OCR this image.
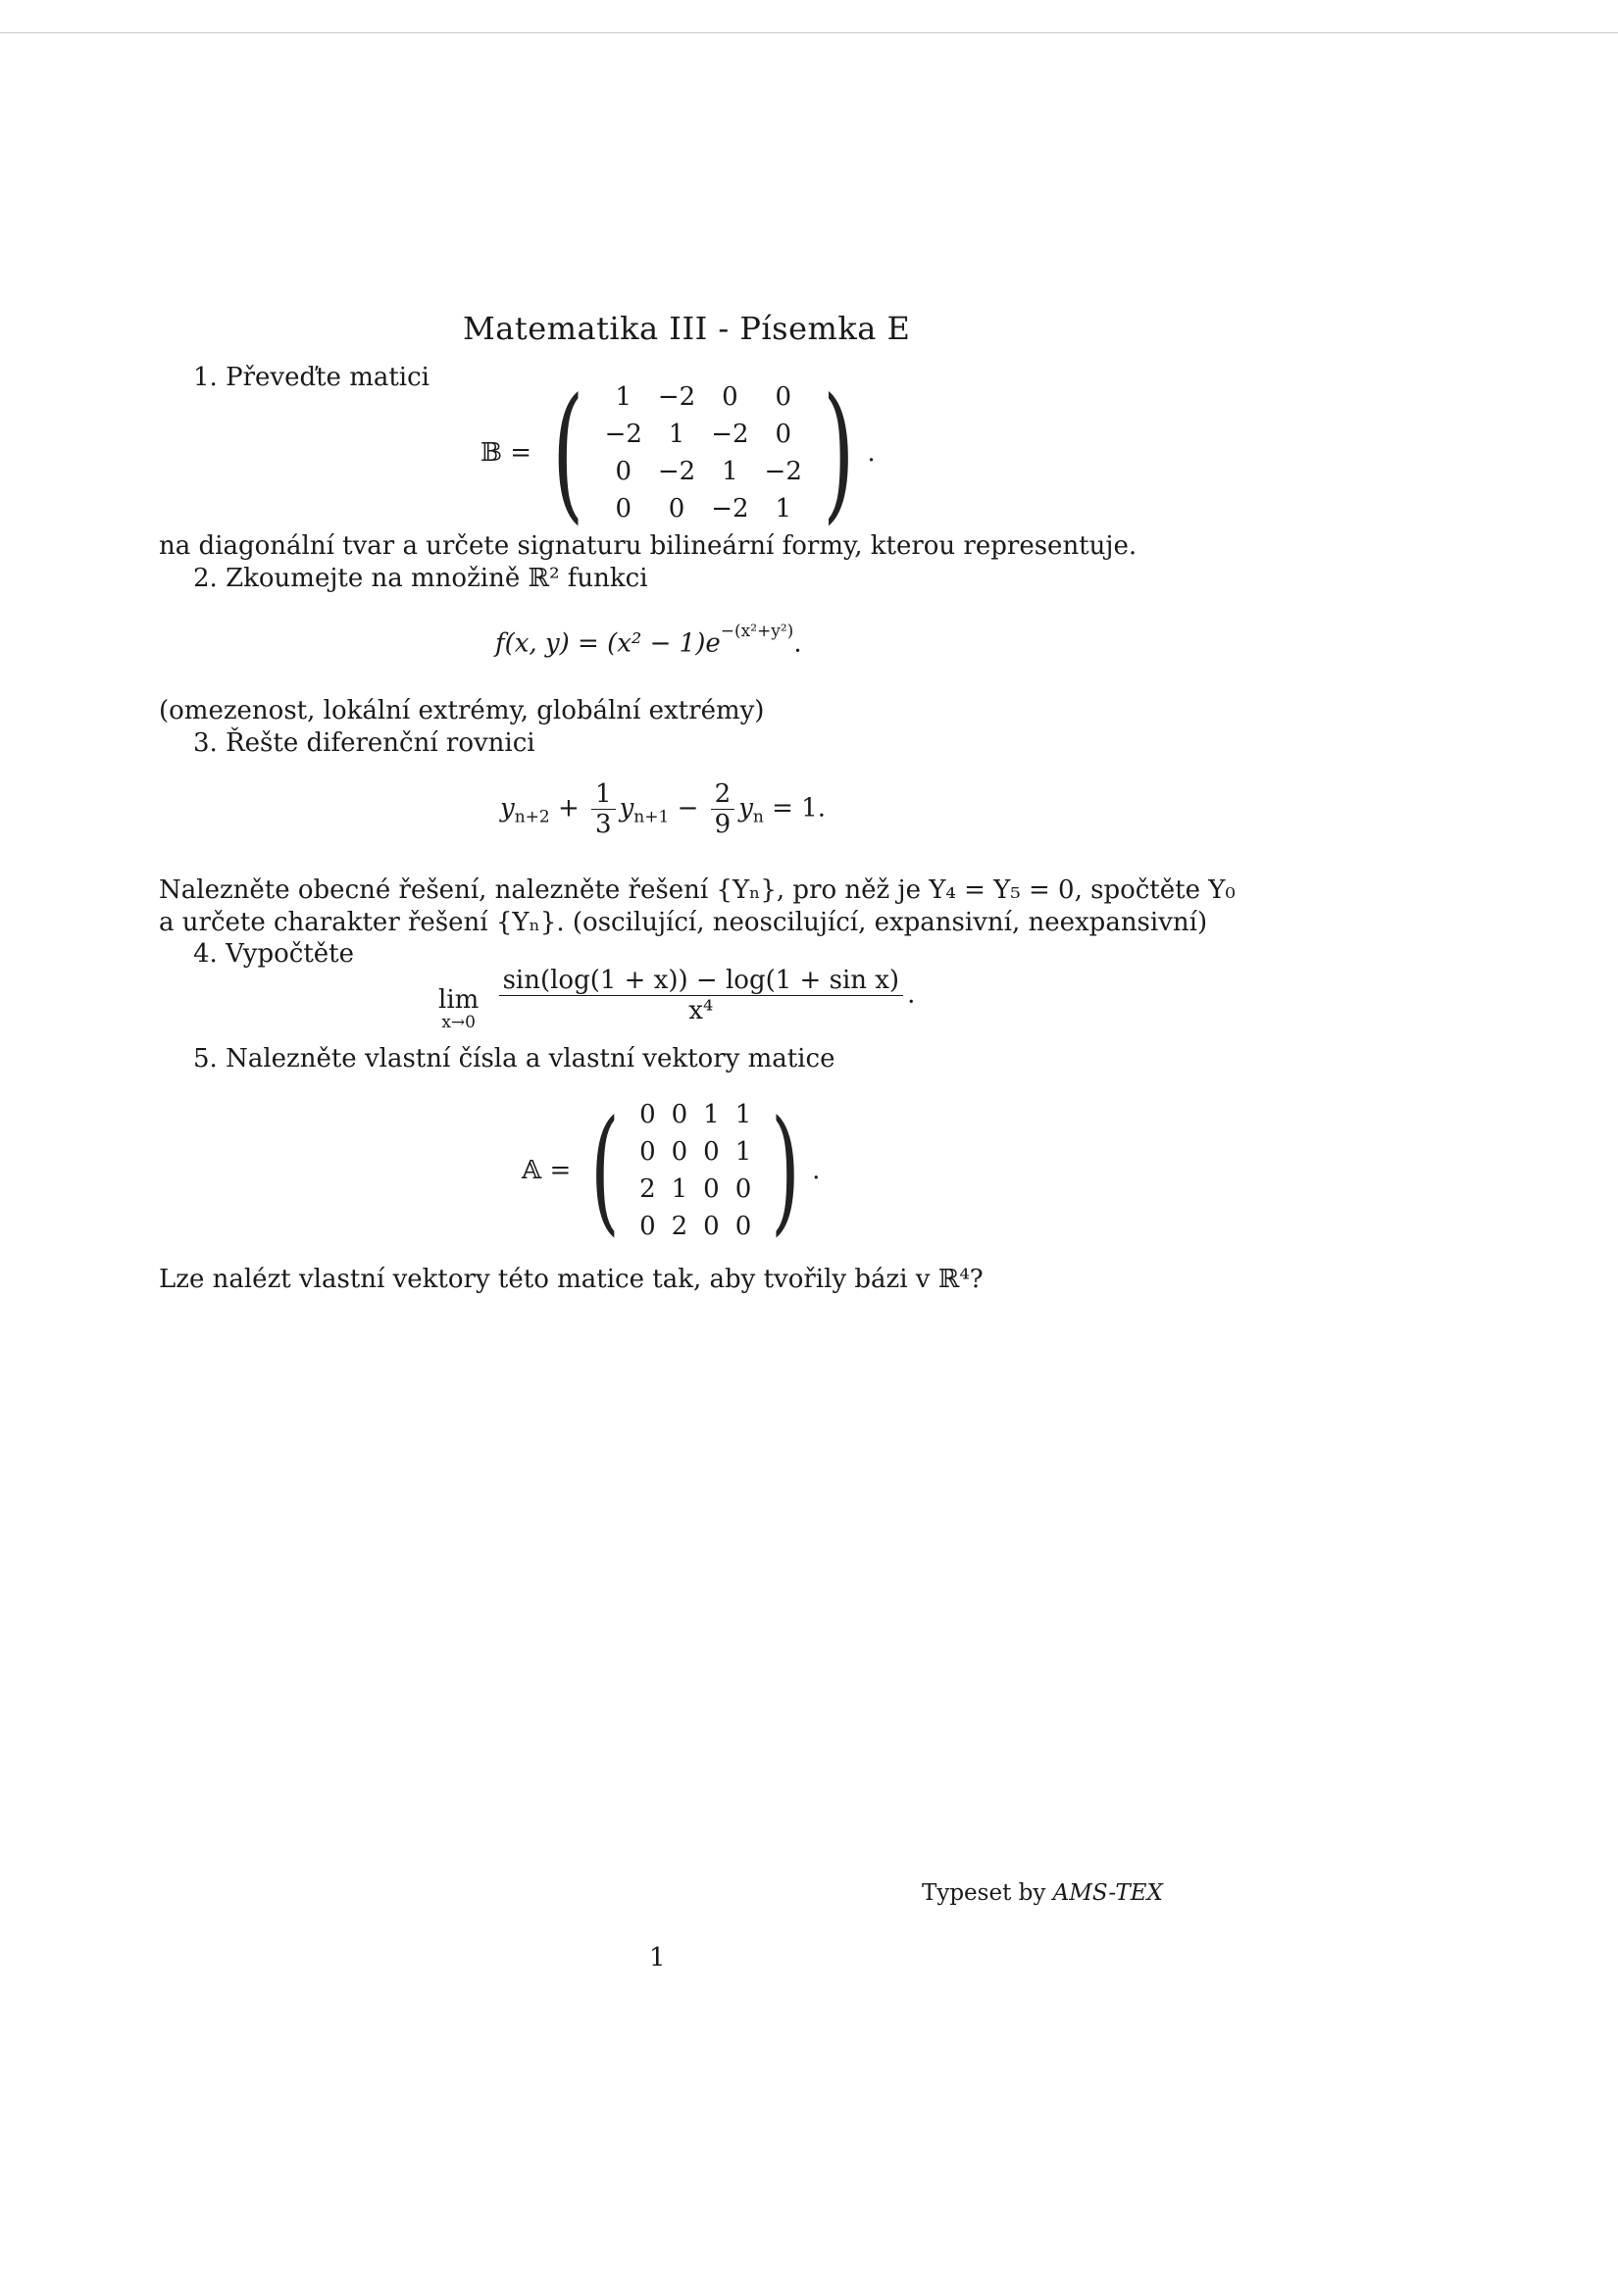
Matematika III - Písemka E
1. Převeďte matici
𝔹 = ( 1	−2	0	0
−2	1	−2	0
0	−2	1	−2
0	0	−2	1 ) .
na diagonální tvar a určete signaturu bilineární formy, kterou representuje.
2. Zkoumejte na množině ℝ² funkci
f(x, $y) = (x^2 - 1)e^{-(x^2+y^2)}$.
(omezenost, lokální extrémy, globální extrémy)
3. Řešte diferenční rovnici
$y_{n+2} + \frac{1}{3} y_{n+1} - \frac{2}{9} y_n = 1$.
Nalezněte obecné řešení, nalezněte řešení {Yₙ}, pro něž je Y₄ = Y₅ = 0, spočtěte Y₀
a určete charakter řešení {Yₙ}. (oscilující, neoscilující, expansivní, neexpansivní)
4. Vypočtěte
lim
x→0
$\frac{\text{sin(log(1 + x)) − log(1 + sin x)}}{\text{x⁴}}$ .
5. Nalezněte vlastní čísla a vlastní vektory matice
𝔸 = ( 0	0	1	1
0	0	0	1
2	1	0	0
0	2	0	0 ) .
Lze nalézt vlastní vektory této matice tak, aby tvořily bázi v ℝ⁴?
Typeset by AMS-TEX
1
